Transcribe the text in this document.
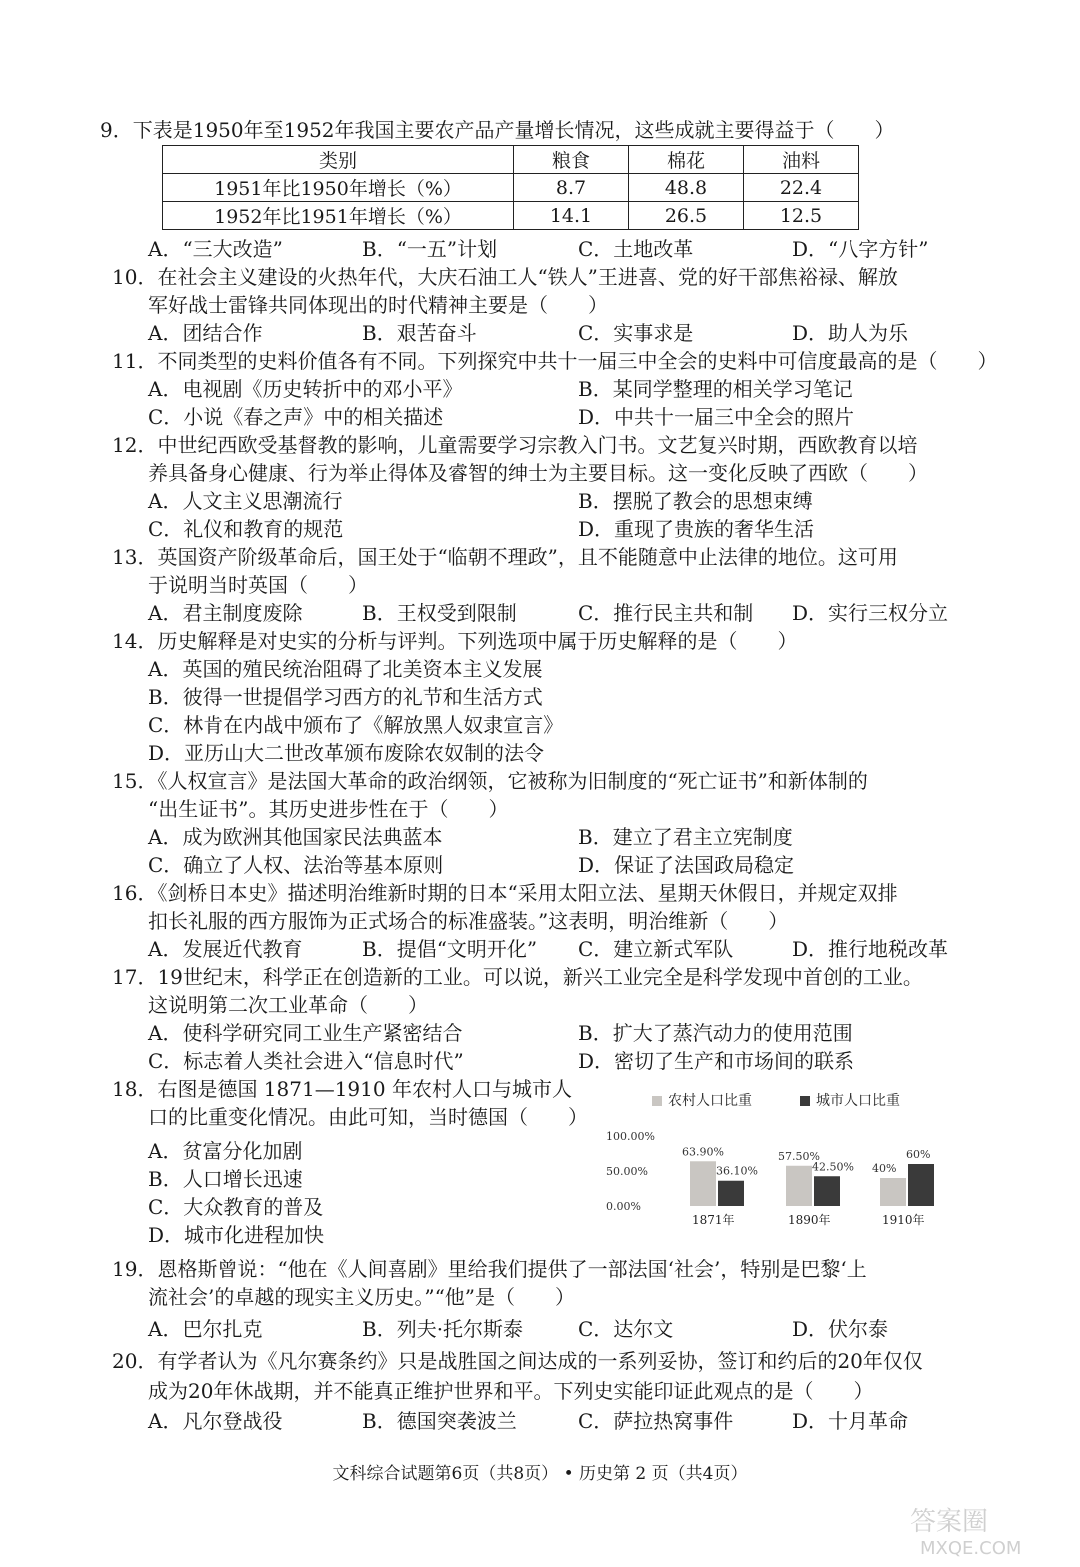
9．下表是1950年至1952年我国主要农产品产量增长情况，这些成就主要得益于（　　）
类别	粮食	棉花	油料
1951年比1950年增长（%）	8.7	48.8	22.4
1952年比1951年增长（%）	14.1	26.5	12.5
A．“三大改造”	B．“一五”计划	C．土地改革	D．“八字方针”
10．在社会主义建设的火热年代，大庆石油工人“铁人”王进喜、党的好干部焦裕禄、解放
军好战士雷锋共同体现出的时代精神主要是（　　）
A．团结合作	B．艰苦奋斗	C．实事求是	D．助人为乐
11．不同类型的史料价值各有不同。下列探究中共十一届三中全会的史料中可信度最高的是（　　）
A．电视剧《历史转折中的邓小平》	B．某同学整理的相关学习笔记
C．小说《春之声》中的相关描述	D．中共十一届三中全会的照片
12．中世纪西欧受基督教的影响，儿童需要学习宗教入门书。文艺复兴时期，西欧教育以培
养具备身心健康、行为举止得体及睿智的绅士为主要目标。这一变化反映了西欧（　　）
A．人文主义思潮流行	B．摆脱了教会的思想束缚
C．礼仪和教育的规范	D．重现了贵族的奢华生活
13．英国资产阶级革命后，国王处于“临朝不理政”，且不能随意中止法律的地位。这可用
于说明当时英国（　　）
A．君主制度废除	B．王权受到限制	C．推行民主共和制 D．实行三权分立
14．历史解释是对史实的分析与评判。下列选项中属于历史解释的是（　　）
A．英国的殖民统治阻碍了北美资本主义发展
B．彼得一世提倡学习西方的礼节和生活方式
C．林肯在内战中颁布了《解放黑人奴隶宣言》
D．亚历山大二世改革颁布废除农奴制的法令
15．《人权宣言》是法国大革命的政治纲领，它被称为旧制度的“死亡证书”和新体制的
“出生证书”。其历史进步性在于（　　）
A．成为欧洲其他国家民法典蓝本	B．建立了君主立宪制度
C．确立了人权、法治等基本原则	D．保证了法国政局稳定
16．《剑桥日本史》描述明治维新时期的日本“采用太阳立法、星期天休假日，并规定双排
扣长礼服的西方服饰为正式场合的标准盛装。”这表明，明治维新（　　）
A．发展近代教育	B．提倡“文明开化” C．建立新式军队	D．推行地税改革
17．19世纪末，科学正在创造新的工业。可以说，新兴工业完全是科学发现中首创的工业。
这说明第二次工业革命（　　）
A．使科学研究同工业生产紧密结合	B．扩大了蒸汽动力的使用范围
C．标志着人类社会进入“信息时代”	D．密切了生产和市场间的联系
18．右图是德国 1871—1910 年农村人口与城市人
口的比重变化情况。由此可知，当时德国（　　）
A．贫富分化加剧
B．人口增长迅速
C．大众教育的普及
D．城市化进程加快
农村人口比重	城市人口比重
100.00%
50.00%
0.00%
63.90%
36.10%
1871年
57.50%
42.50%
1890年
40%
60%
1910年
19．恩格斯曾说：“他在《人间喜剧》里给我们提供了一部法国‘社会’，特别是巴黎‘上
流社会’的卓越的现实主义历史。”“他”是（　　）
A．巴尔扎克	B．列夫·托尔斯泰	C．达尔文	D．伏尔泰
20．有学者认为《凡尔赛条约》只是战胜国之间达成的一系列妥协，签订和约后的20年仅仅
成为20年休战期，并不能真正维护世界和平。下列史实能印证此观点的是（　　）
A．凡尔登战役	B．德国突袭波兰	C．萨拉热窝事件	D．十月革命
文科综合试题第6页（共8页） • 历史第 2 页（共4页）
答案圈
MXQE.COM
